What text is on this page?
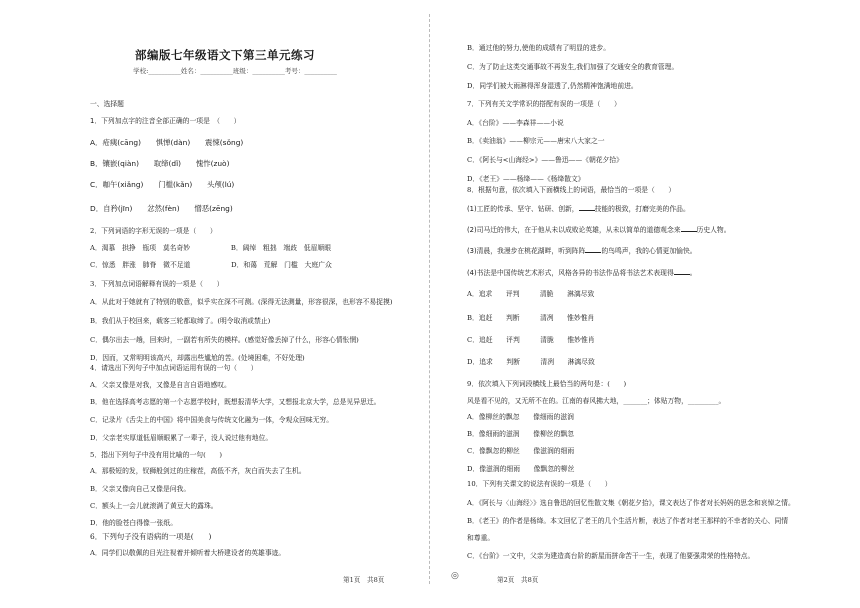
部编版七年级语文下第三单元练习
学校:__________姓名：__________班级：__________考号：__________
一、选择题
1．下列加点字的注音全部正确的一项是　（　　）
A．疮痍(cāng)　　惧惮(dàn)　　震悚(sǒng)
B．镶嵌(qiàn)　　取缔(dǐ)　　愧怍(zuò)
C．咖午(xiǎng)　　门槛(kǎn)　　头颅(lú)
D．自矜(jīn)　　忿然(fèn)　　憎恶(zēng)
2．下列词语的字形无误的一项是（　　）
A．渴慕　拱挣　瓶项　莫名奇妙　　　　　　B．阔绰　粗拙　端歧　低眉顺眼
C．惊悉　胖涨　肺脊　微不足道　　　　　　D．和蔼　荒解　门槛　大庭广众
3．下列加点词语解释有误的一项是（　　）
A．从此对于她就有了特别的敬意，似乎实在深不可测。(深得无法测量，形容很深，也形容不易捉摸)
B．我们从于校回来，载客三轮都取缔了。(明令取消或禁止)
C．偶尔出去一趟，回来时，一副若有所失的模样。(感觉好像丢掉了什么，形容心情怅惘)
D．因而，又常明明该高兴，却露出些尴尬的苦。(处境困难，不好处理)
4．请选出下列句子中加点词语运用有误的一句（　　）
A．父亲又像是对我，又像是自言自语地感叹。
B．他在选择高考志愿的第一个志愿学校时，既想报清华大学，又想报北京大学，总是见异思迁。
C．记录片《舌尖上的中国》将中国美食与传统文化融为一体，令观众回味无穷。
D．父亲老实厚道低眉顺眼累了一辈子，没人说过他有地位。
5．指出下列句子中没有用比喻的一句(　　)
A．那极短的发，钗狮般剑过的庄稼茬，高低不齐，灰白而失去了生机。
B．父亲又像向自己又像是问我。
C．额头上一会儿就滚满了黄豆大的露珠。
D．他的脸苍白得像一张纸。
6．下列句子没有语病的一项是(　　)
A．同学们以敬佩的目光注视着并倾听着大桥建设者的英雄事迹。
B．通过他的努力,使他的成绩有了明显的进步。
C．为了防止这类交通事故不再发生,我们加强了交通安全的教育管理。
D．同学们被大雨淋得浑身湿透了,仍然精神饱满地前进。
7．下列有关文学常识的搭配有误的一项是（　　）
A．《台阶》——李森祥——小说
B．《卖油翁》——柳宗元——唐宋八大家之一
C．《阿长与<山海经>》——鲁迅——《朝花夕拾》
D．《老王》——杨绛——《杨绛散文》
8．根据句意，依次填入下面横线上的词语，最恰当的一项是（　　）
(1)工匠的传承、坚守、钻研、创新， 技能的极致，打磨完美的作品。
(2)司马迁的伟大，在于他从未以成败论英雄，从未以简单的道德观念来 历史人物。
(3)清晨，我漫步在桃花湖畔，听到阵阵 的鸟鸣声，我的心情更加愉快。
(4)书法是中国传统艺术形式，风格各异的书法作品将书法艺术表现得 。
A．追求　　评判　　　清脆　　淋漓尽致
B．追赶　　判断　　　清冽　　惟妙惟肖
C．追赶　　评判　　　清脆　　惟妙惟肖
D．追求　　判断　　　清冽　　淋漓尽致
9．依次填入下列词段横线上最恰当的两句是：(　　)
风是看不见的，又无所不在的。江南的春风拂大地，_______；体贴万物，_________。
A．像柳丝的飘忽　　像细雨的滋润
B．像细雨的滋润　　像柳丝的飘忽
C．像飘忽的柳丝　　像滋润的细雨
D．像滋润的细雨　　像飘忽的柳丝
10．下列有关课文的说法有误的一项是（　　）
A．《阿长与〈山海经〉》选自鲁迅的回忆性散文集《朝花夕拾》，课文表达了作者对长妈妈的思念和哀悼之情。
B．《老王》的作者是杨绛。本文回忆了老王的几个生活片断，表达了作者对老王那样的不幸者的关心、同情
和尊重。
C．《台阶》一文中，父亲为建造高台阶的新屋而拼命苦干一生，表现了他要强肃荣的性格特点。
第1页　共8页	◎	第2页　共8页
